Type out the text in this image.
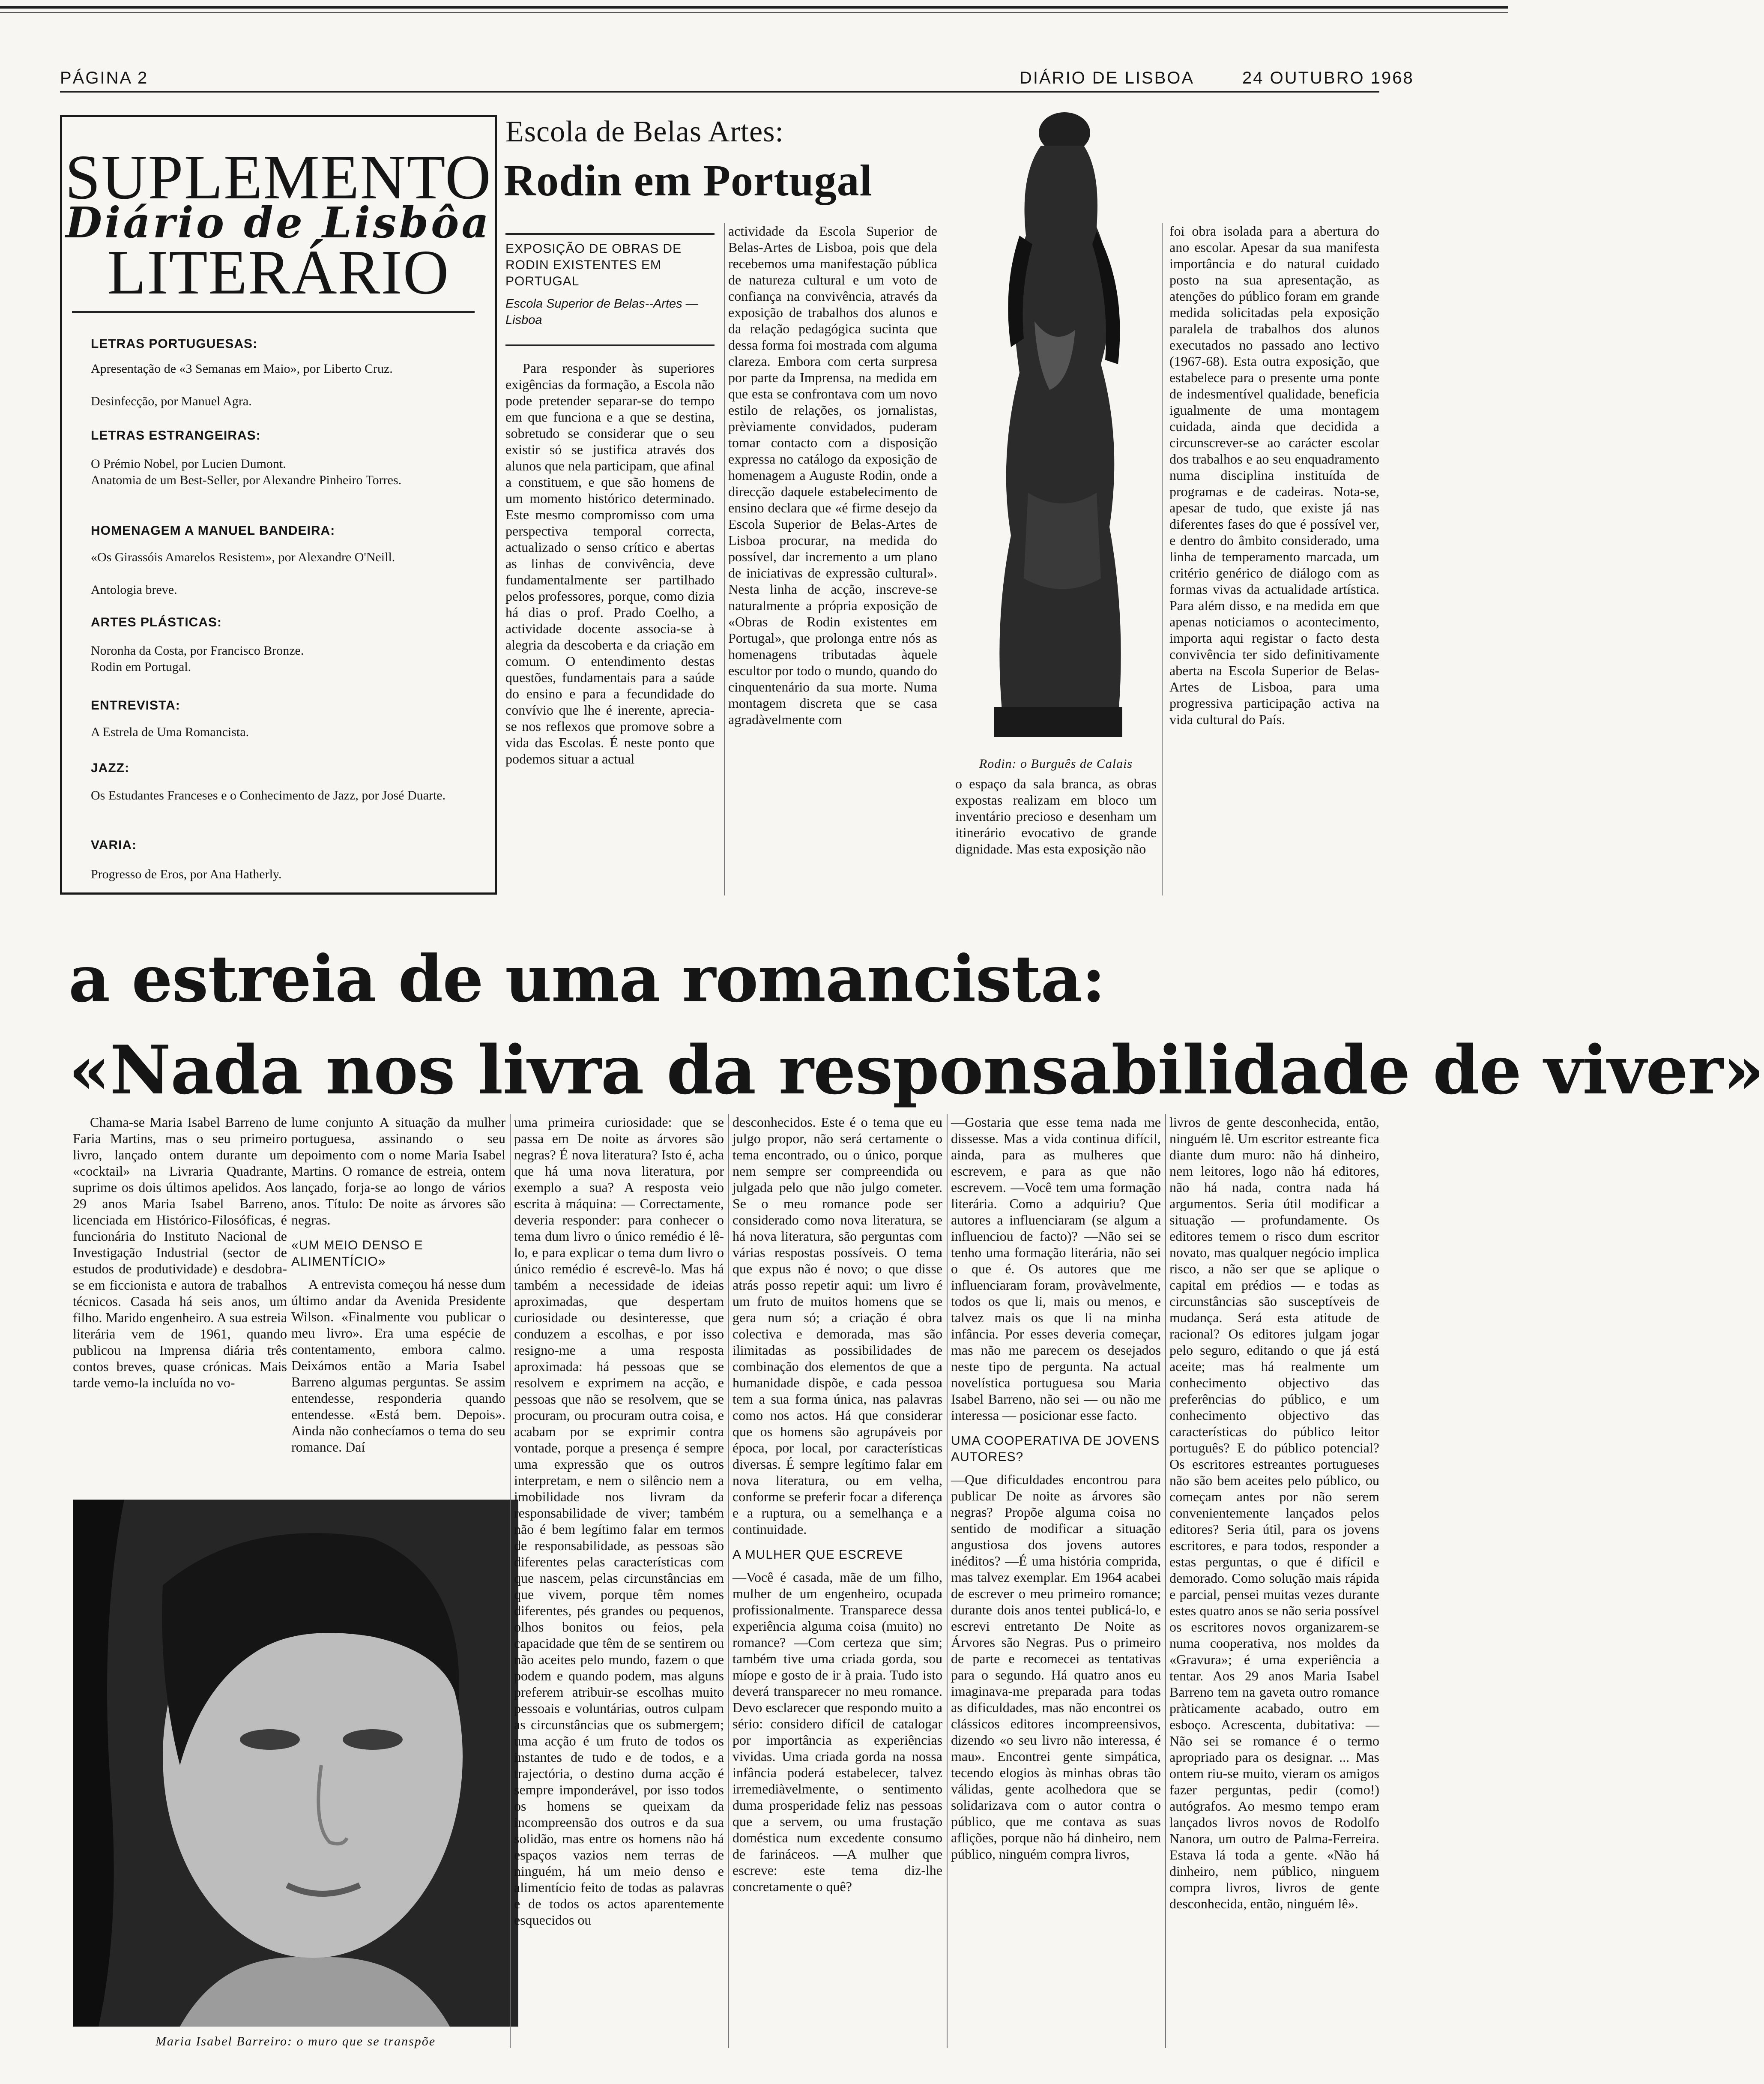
PÁGINA 2	DIÁRIO DE LISBOA	24 OUTUBRO 1968
SUPLEMENTO
Diário de Lisbôa
LITERÁRIO
LETRAS PORTUGUESAS:
Apresentação de «3 Semanas em Maio», por Liberto Cruz.
Desinfecção, por Manuel Agra.
LETRAS ESTRANGEIRAS:
O Prémio Nobel, por Lucien Dumont.
Anatomia de um Best-Seller, por Alexandre Pinheiro Torres.
HOMENAGEM A MANUEL BANDEIRA:
«Os Girassóis Amarelos Resistem», por Alexandre O'Neill.
Antologia breve.
ARTES PLÁSTICAS:
Noronha da Costa, por Francisco Bronze.
Rodin em Portugal.
ENTREVISTA:
A Estrela de Uma Romancista.
JAZZ:
Os Estudantes Franceses e o Conhecimento de Jazz, por José Duarte.
VARIA:
Progresso de Eros, por Ana Hatherly.
Escola de Belas Artes:
Rodin em Portugal
EXPOSIÇÃO DE OBRAS DE RODIN EXISTENTES EM PORTUGAL
Escola Superior de Belas--Artes — Lisboa

Para responder às superiores exigências da formação, a Escola não pode pretender separar-se do tempo em que funciona e a que se destina, sobretudo se considerar que o seu existir só se justifica através dos alunos que nela participam, que afinal a constituem, e que são homens de um momento histórico determinado. Este mesmo compromisso com uma perspectiva temporal correcta, actualizado o senso crítico e abertas as linhas de convivência, deve fundamentalmente ser partilhado pelos professores, porque, como dizia há dias o prof. Prado Coelho, a actividade docente associa-se à alegria da descoberta e da criação em comum. O entendimento destas questões, fundamentais para a saúde do ensino e para a fecundidade do convívio que lhe é inerente, aprecia-se nos reflexos que promove sobre a vida das Escolas. É neste ponto que podemos situar a actual

actividade da Escola Superior de Belas-Artes de Lisboa, pois que dela recebemos uma manifestação pública de natureza cultural e um voto de confiança na convivência, através da exposição de trabalhos dos alunos e da relação pedagógica sucinta que dessa forma foi mostrada com alguma clareza. Embora com certa surpresa por parte da Imprensa, na medida em que esta se confrontava com um novo estilo de relações, os jornalistas, prèviamente convidados, puderam tomar contacto com a disposição expressa no catálogo da exposição de homenagem a Auguste Rodin, onde a direcção daquele estabelecimento de ensino declara que «é firme desejo da Escola Superior de Belas-Artes de Lisboa procurar, na medida do possível, dar incremento a um plano de iniciativas de expressão cultural». Nesta linha de acção, inscreve-se naturalmente a própria exposição de «Obras de Rodin existentes em Portugal», que prolonga entre nós as homenagens tributadas àquele escultor por todo o mundo, quando do cinquentenário da sua morte. Numa montagem discreta que se casa agradàvelmente com

Rodin: o Burguês de Calais

o espaço da sala branca, as obras expostas realizam em bloco um inventário precioso e desenham um itinerário evocativo de grande dignidade. Mas esta exposição não

foi obra isolada para a abertura do ano escolar. Apesar da sua manifesta importância e do natural cuidado posto na sua apresentação, as atenções do público foram em grande medida solicitadas pela exposição paralela de trabalhos dos alunos executados no passado ano lectivo (1967-68). Esta outra exposição, que estabelece para o presente uma ponte de indesmentível qualidade, beneficia igualmente de uma montagem cuidada, ainda que decidida a circunscrever-se ao carácter escolar dos trabalhos e ao seu enquadramento numa disciplina instituída de programas e de cadeiras. Nota-se, apesar de tudo, que existe já nas diferentes fases do que é possível ver, e dentro do âmbito considerado, uma linha de temperamento marcada, um critério genérico de diálogo com as formas vivas da actualidade artística. Para além disso, e na medida em que apenas noticiamos o acontecimento, importa aqui registar o facto desta convivência ter sido definitivamente aberta na Escola Superior de Belas-Artes de Lisboa, para uma progressiva participação activa na vida cultural do País.

a estreia de uma romancista:
«Nada nos livra da responsabilidade de viver»

Chama-se Maria Isabel Barreno de Faria Martins, mas o seu primeiro livro, lançado ontem durante um «cocktail» na Livraria Quadrante, suprime os dois últimos apelidos. Aos 29 anos Maria Isabel Barreno, licenciada em Histórico-Filosóficas, é funcionária do Instituto Nacional de Investigação Industrial (sector de estudos de produtividade) e desdobra-se em ficcionista e autora de trabalhos técnicos. Casada há seis anos, um filho. Marido engenheiro. A sua estreia literária vem de 1961, quando publicou na Imprensa diária três contos breves, quase crónicas. Mais tarde vemo-la incluída no vo-

lume conjunto A situação da mulher portuguesa, assinando o seu depoimento com o nome Maria Isabel Martins. O romance de estreia, ontem lançado, forja-se ao longo de vários anos. Título: De noite as árvores são negras.

«UM MEIO DENSO E ALIMENTÍCIO»

A entrevista começou há nesse dum último andar da Avenida Presidente Wilson. «Finalmente vou publicar o meu livro». Era uma espécie de contentamento, embora calmo. Deixámos então a Maria Isabel Barreno algumas perguntas. Se assim entendesse, responderia quando entendesse. «Está bem. Depois». Ainda não conhecíamos o tema do seu romance. Daí

Maria Isabel Barreiro: o muro que se transpõe

uma primeira curiosidade: que se passa em De noite as árvores são negras? É nova literatura? Isto é, acha que há uma nova literatura, por exemplo a sua? A resposta veio escrita à máquina: — Correctamente, deveria responder: para conhecer o tema dum livro o único remédio é lê-lo, e para explicar o tema dum livro o único remédio é escrevê-lo. Mas há também a necessidade de ideias aproximadas, que despertam curiosidade ou desinteresse, que conduzem a escolhas, e por isso resigno-me a uma resposta aproximada: há pessoas que se resolvem e exprimem na acção, e pessoas que não se resolvem, que se procuram, ou procuram outra coisa, e acabam por se exprimir contra vontade, porque a presença é sempre uma expressão que os outros interpretam, e nem o silêncio nem a imobilidade nos livram da responsabilidade de viver; também não é bem legítimo falar em termos de responsabilidade, as pessoas são diferentes pelas características com que nascem, pelas circunstâncias em que vivem, porque têm nomes diferentes, pés grandes ou pequenos, olhos bonitos ou feios, pela capacidade que têm de se sentirem ou não aceites pelo mundo, fazem o que podem e quando podem, mas alguns preferem atribuir-se escolhas muito pessoais e voluntárias, outros culpam as circunstâncias que os submergem; uma acção é um fruto de todos os instantes de tudo e de todos, e a trajectória, o destino duma acção é sempre imponderável, por isso todos os homens se queixam da incompreensão dos outros e da sua solidão, mas entre os homens não há espaços vazios nem terras de ninguém, há um meio denso e alimentício feito de todas as palavras e de todos os actos aparentemente esquecidos ou

desconhecidos. Este é o tema que eu julgo propor, não será certamente o tema encontrado, ou o único, porque nem sempre ser compreendida ou julgada pelo que não julgo cometer. Se o meu romance pode ser considerado como nova literatura, se há nova literatura, são perguntas com várias respostas possíveis. O tema que expus não é novo; o que disse atrás posso repetir aqui: um livro é um fruto de muitos homens que se gera num só; a criação é obra colectiva e demorada, mas são ilimitadas as possibilidades de combinação dos elementos de que a humanidade dispõe, e cada pessoa tem a sua forma única, nas palavras como nos actos. Há que considerar que os homens são agrupáveis por época, por local, por características diversas. É sempre legítimo falar em nova literatura, ou em velha, conforme se preferir focar a diferença e a ruptura, ou a semelhança e a continuidade.

A MULHER QUE ESCREVE

—Você é casada, mãe de um filho, mulher de um engenheiro, ocupada profissionalmente. Transparece dessa experiência alguma coisa (muito) no romance? —Com certeza que sim; também tive uma criada gorda, sou míope e gosto de ir à praia. Tudo isto deverá transparecer no meu romance. Devo esclarecer que respondo muito a sério: considero difícil de catalogar por importância as experiências vividas. Uma criada gorda na nossa infância poderá estabelecer, talvez irremediàvelmente, o sentimento duma prosperidade feliz nas pessoas que a servem, ou uma frustação doméstica num excedente consumo de farináceos. —A mulher que escreve: este tema diz-lhe concretamente o quê?

—Gostaria que esse tema nada me dissesse. Mas a vida continua difícil, ainda, para as mulheres que escrevem, e para as que não escrevem. —Você tem uma formação literária. Como a adquiriu? Que autores a influenciaram (se algum a influenciou de facto)? —Não sei se tenho uma formação literária, não sei o que é. Os autores que me influenciaram foram, provàvelmente, todos os que li, mais ou menos, e talvez mais os que li na minha infância. Por esses deveria começar, mas não me parecem os desejados neste tipo de pergunta. Na actual novelística portuguesa sou Maria Isabel Barreno, não sei — ou não me interessa — posicionar esse facto.

UMA COOPERATIVA DE JOVENS AUTORES?

—Que dificuldades encontrou para publicar De noite as árvores são negras? Propõe alguma coisa no sentido de modificar a situação angustiosa dos jovens autores inéditos? —É uma história comprida, mas talvez exemplar. Em 1964 acabei de escrever o meu primeiro romance; durante dois anos tentei publicá-lo, e escrevi entretanto De Noite as Árvores são Negras. Pus o primeiro de parte e recomecei as tentativas para o segundo. Há quatro anos eu imaginava-me preparada para todas as dificuldades, mas não encontrei os clássicos editores incompreensivos, dizendo «o seu livro não interessa, é mau». Encontrei gente simpática, tecendo elogios às minhas obras tão válidas, gente acolhedora que se solidarizava com o autor contra o público, que me contava as suas aflições, porque não há dinheiro, nem público, ninguém compra livros,

livros de gente desconhecida, então, ninguém lê. Um escritor estreante fica diante dum muro: não há dinheiro, nem leitores, logo não há editores, não há nada, contra nada há argumentos. Seria útil modificar a situação — profundamente. Os editores temem o risco dum escritor novato, mas qualquer negócio implica risco, a não ser que se aplique o capital em prédios — e todas as circunstâncias são susceptíveis de mudança. Será esta atitude de racional? Os editores julgam jogar pelo seguro, editando o que já está aceite; mas há realmente um conhecimento objectivo das preferências do público, e um conhecimento objectivo das características do público leitor português? E do público potencial? Os escritores estreantes portugueses não são bem aceites pelo público, ou começam antes por não serem convenientemente lançados pelos editores? Seria útil, para os jovens escritores, e para todos, responder a estas perguntas, o que é difícil e demorado. Como solução mais rápida e parcial, pensei muitas vezes durante estes quatro anos se não seria possível os escritores novos organizarem-se numa cooperativa, nos moldes da «Gravura»; é uma experiência a tentar. Aos 29 anos Maria Isabel Barreno tem na gaveta outro romance pràticamente acabado, outro em esboço. Acrescenta, dubitativa: —Não sei se romance é o termo apropriado para os designar. ... Mas ontem riu-se muito, vieram os amigos fazer perguntas, pedir (como!) autógrafos. Ao mesmo tempo eram lançados livros novos de Rodolfo Nanora, um outro de Palma-Ferreira. Estava lá toda a gente. «Não há dinheiro, nem público, ninguem compra livros, livros de gente desconhecida, então, ninguém lê».
